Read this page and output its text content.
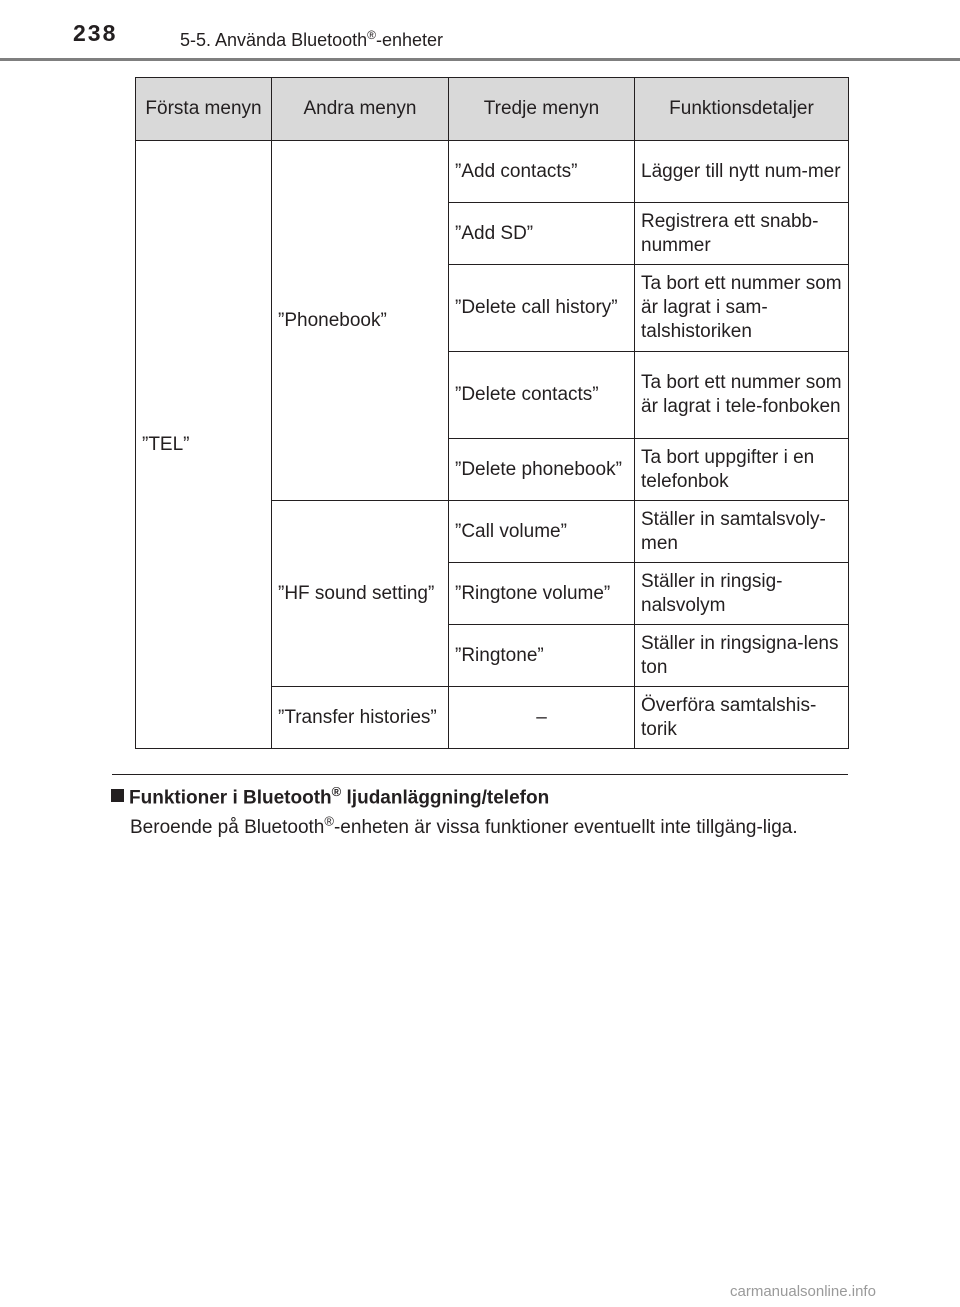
238	5-5. Använda Bluetooth®-enheter
Första menyn	Andra menyn	Tredje menyn	Funktionsdetaljer
”TEL”	”Phonebook”	”Add contacts”	Lägger till nytt num-mer
		”Add SD”	Registrera ett snabb-nummer
		”Delete call history”	Ta bort ett nummer som är lagrat i sam-talshistoriken
		”Delete contacts”	Ta bort ett nummer som är lagrat i tele-fonboken
		”Delete phonebook”	Ta bort uppgifter i en telefonbok
	”HF sound setting”	”Call volume”	Ställer in samtalsvoly-men
		”Ringtone volume”	Ställer in ringsig-nalsvolym
		”Ringtone”	Ställer in ringsigna-lens ton
	”Transfer histories”	–	Överföra samtalshis-torik
Funktioner i Bluetooth® ljudanläggning/telefon
Beroende på Bluetooth®-enheten är vissa funktioner eventuellt inte tillgäng-liga.
carmanualsonline.info
